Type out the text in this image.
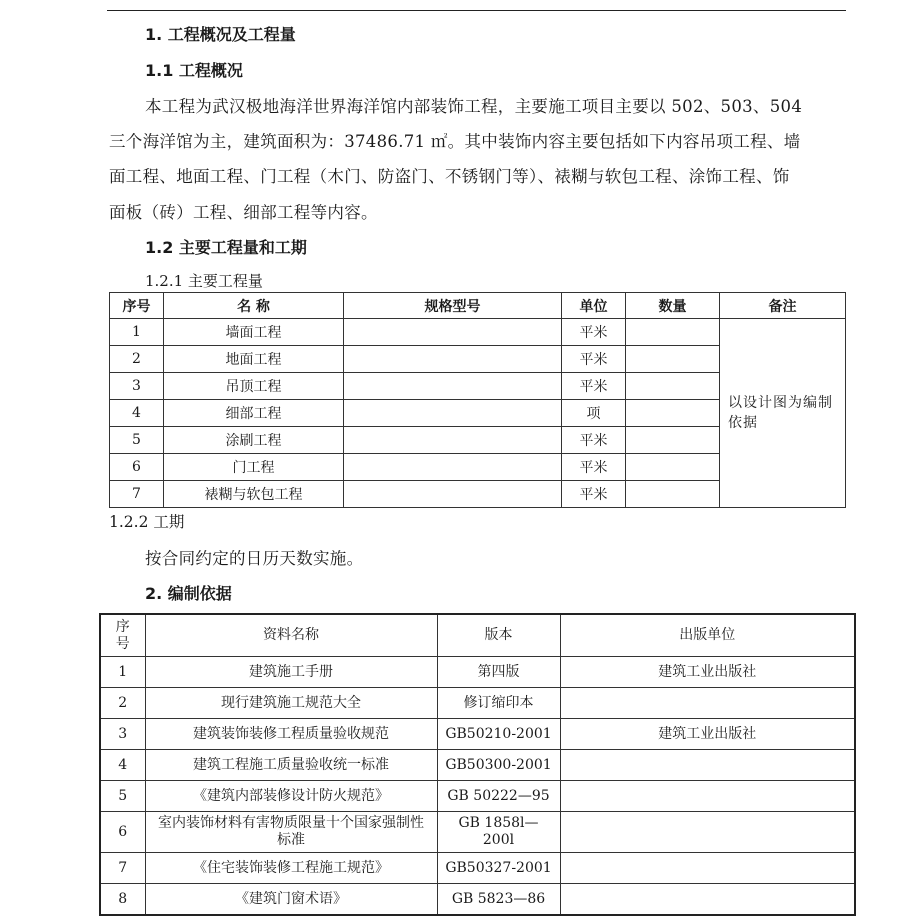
1. 工程概况及工程量
1.1 工程概况
本工程为武汉极地海洋世界海洋馆内部装饰工程，主要施工项目主要以 502、503、504
三个海洋馆为主，建筑面积为：37486.71 ㎡。其中装饰内容主要包括如下内容吊项工程、墙
面工程、地面工程、门工程（木门、防盗门、不锈钢门等）、裱糊与软包工程、涂饰工程、饰
面板（砖）工程、细部工程等内容。
1.2 主要工程量和工期
1.2.1 主要工程量
序号	名 称	规格型号	单位	数量	备注
1	墙面工程		平米		以设计图为编制依据
2	地面工程		平米		
3	吊顶工程		平米		
4	细部工程		项		
5	涂刷工程		平米		
6	门工程		平米		
7	裱糊与软包工程		平米		
1.2.2 工期
按合同约定的日历天数实施。
2. 编制依据
序号	资料名称	版本	出版单位
1	建筑施工手册	第四版	建筑工业出版社
2	现行建筑施工规范大全	修订缩印本	
3	建筑装饰装修工程质量验收规范	GB50210-2001	建筑工业出版社
4	建筑工程施工质量验收统一标准	GB50300-2001	
5	《建筑内部装修设计防火规范》	GB 50222—95	
6	室内装饰材料有害物质限量十个国家强制性标准	GB 1858l—200l	
7	《住宅装饰装修工程施工规范》	GB50327-2001	
8	《建筑门窗术语》	GB 5823—86	
